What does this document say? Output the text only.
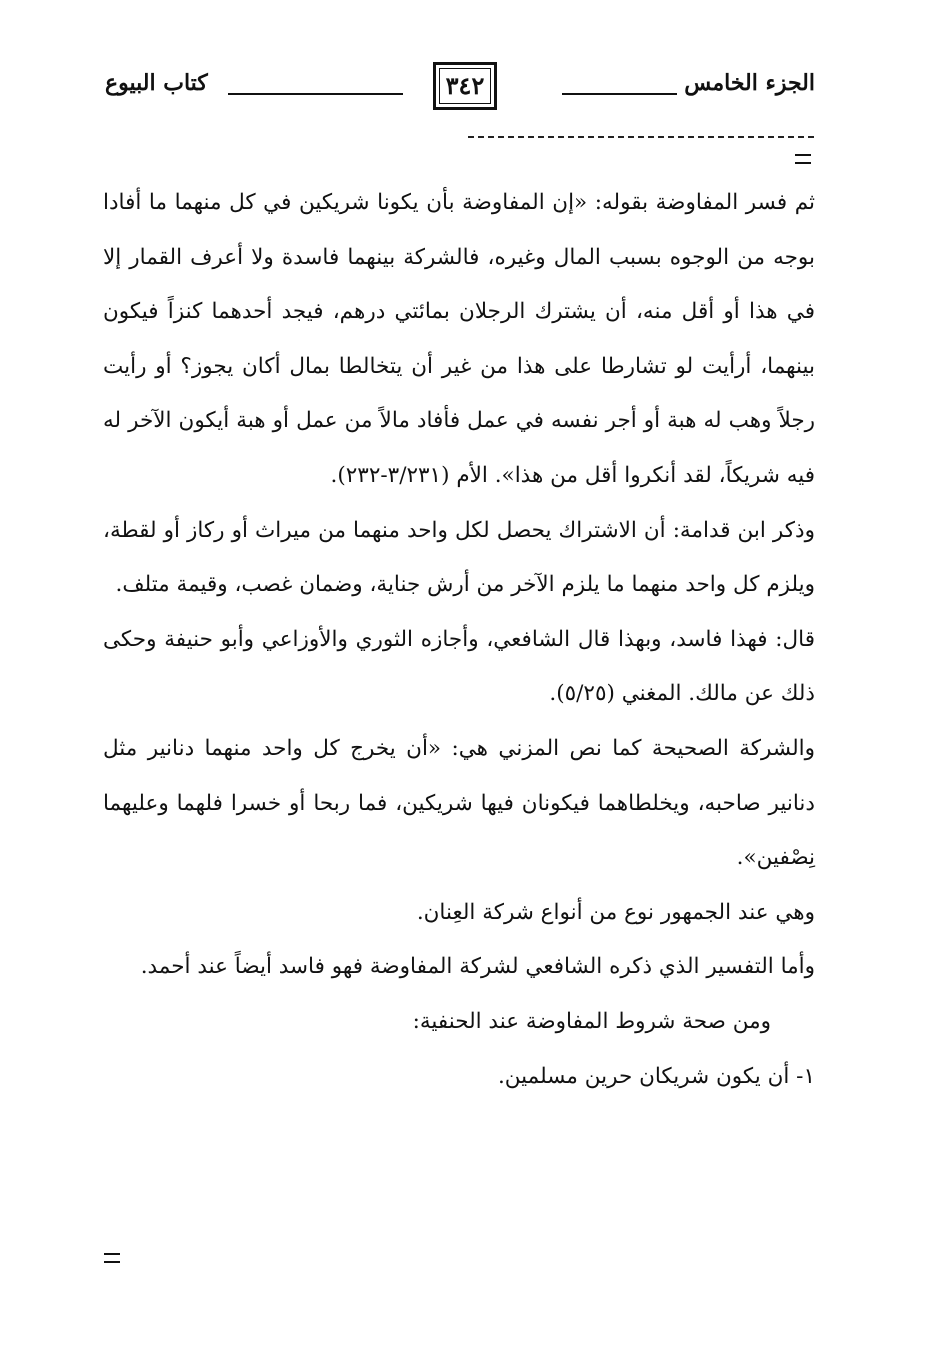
الجزء الخامس
٣٤٢
كتاب البيوع

ثم فسر المفاوضة بقوله: «إن المفاوضة بأن يكونا شريكين في كل منهما ما أفادا بوجه من الوجوه بسبب المال وغيره، فالشركة بينهما فاسدة ولا أعرف القمار إلا في هذا أو أقل منه، أن يشترك الرجلان بمائتي درهم، فيجد أحدهما كنزاً فيكون بينهما، أرأيت لو تشارطا على هذا من غير أن يتخالطا بمال أكان يجوز؟ أو رأيت رجلاً وهب له هبة أو أجر نفسه في عمل فأفاد مالاً من عمل أو هبة أيكون الآخر له فيه شريكاً، لقد أنكروا أقل من هذا». الأم (٣/٢٣١-٢٣٢).

وذكر ابن قدامة: أن الاشتراك يحصل لكل واحد منهما من ميراث أو ركاز أو لقطة، ويلزم كل واحد منهما ما يلزم الآخر من أرش جناية، وضمان غصب، وقيمة متلف.

قال: فهذا فاسد، وبهذا قال الشافعي، وأجازه الثوري والأوزاعي وأبو حنيفة وحكى ذلك عن مالك. المغني (٥/٢٥).

والشركة الصحيحة كما نص المزني هي: «أن يخرج كل واحد منهما دنانير مثل دنانير صاحبه، ويخلطاهما فيكونان فيها شريكين، فما ربحا أو خسرا فلهما وعليهما نِصْفين».

وهي عند الجمهور نوع من أنواع شركة العِنان.

وأما التفسير الذي ذكره الشافعي لشركة المفاوضة فهو فاسد أيضاً عند أحمد.

ومن صحة شروط المفاوضة عند الحنفية:

١- أن يكون شريكان حرين مسلمين.
